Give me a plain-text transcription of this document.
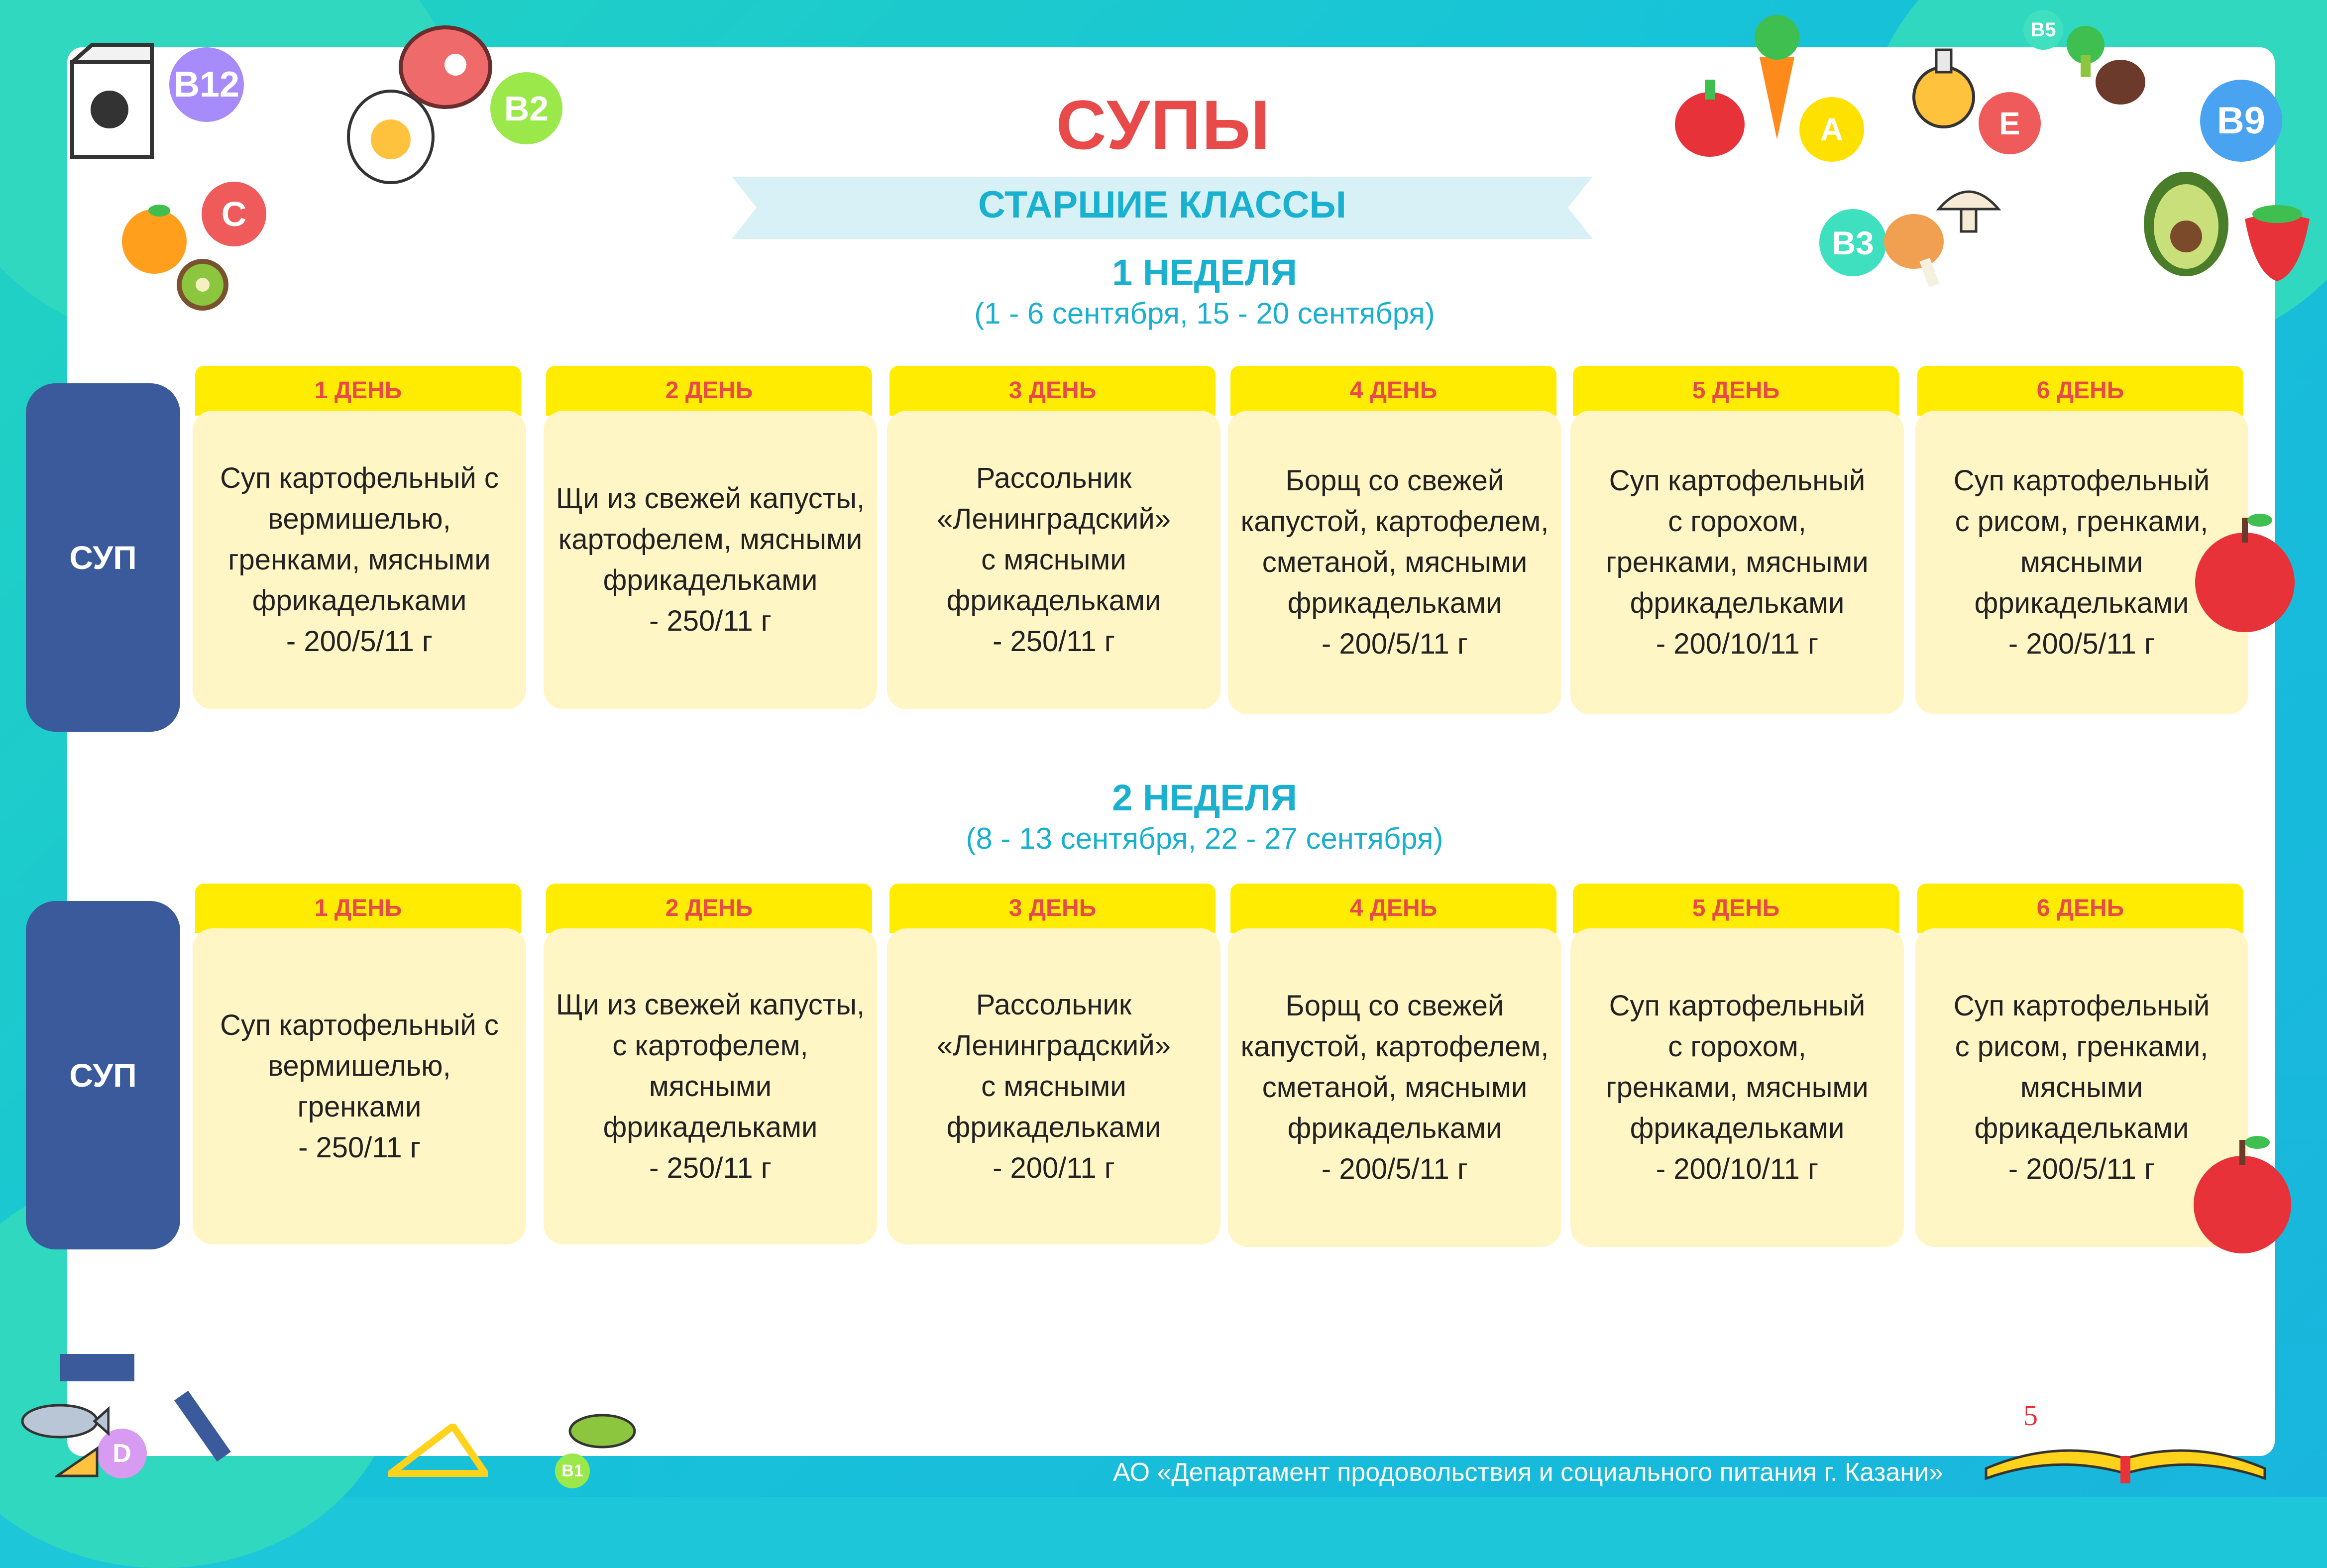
СУПЫ
СТАРШИЕ КЛАССЫ
1 НЕДЕЛЯ
(1 - 6 сентября, 15 - 20 сентября)
СУП
1 ДЕНЬ
Суп картофельный с
вермишелью,
гренками, мясными
фрикадельками
- 200/5/11 г
2 ДЕНЬ
Щи из свежей капусты,
картофелем, мясными
фрикадельками
- 250/11 г
3 ДЕНЬ
Рассольник
«Ленинградский»
с мясными
фрикадельками
- 250/11 г
4 ДЕНЬ
Борщ со свежей
капустой, картофелем,
сметаной, мясными
фрикадельками
- 200/5/11 г
5 ДЕНЬ
Суп картофельный
с горохом,
гренками, мясными
фрикадельками
- 200/10/11 г
6 ДЕНЬ
Суп картофельный
с рисом, гренками,
мясными
фрикадельками
- 200/5/11 г
2 НЕДЕЛЯ
(8 - 13 сентября, 22 - 27 сентября)
СУП
1 ДЕНЬ
Суп картофельный с
вермишелью,
гренками
- 250/11 г
2 ДЕНЬ
Щи из свежей капусты,
с картофелем,
мясными
фрикадельками
- 250/11 г
3 ДЕНЬ
Рассольник
«Ленинградский»
с мясными
фрикадельками
- 200/11 г
4 ДЕНЬ
Борщ со свежей
капустой, картофелем,
сметаной, мясными
фрикадельками
- 200/5/11 г
5 ДЕНЬ
Суп картофельный
с горохом,
гренками, мясными
фрикадельками
- 200/10/11 г
6 ДЕНЬ
Суп картофельный
с рисом, гренками,
мясными
фрикадельками
- 200/5/11 г
B12
B2
C
A	E	B9
B5
B3
D
B1
5
АО «Департамент продовольствия и социального питания г. Казани»
